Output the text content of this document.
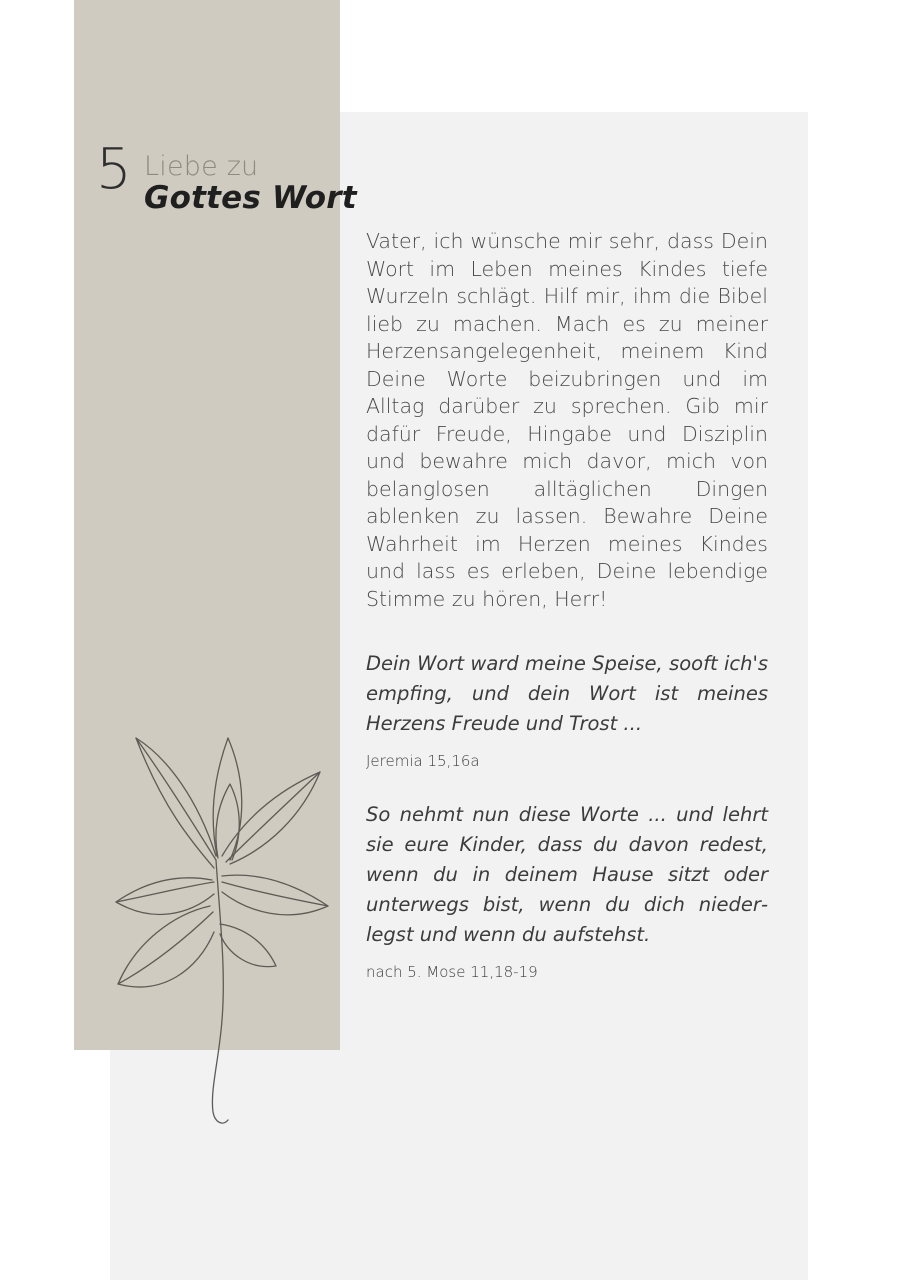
5 Liebe zu
Gottes Wort

Vater, ich wünsche mir sehr, dass Dein Wort im Leben meines Kindes tiefe Wurzeln schlägt. Hilf mir, ihm die Bibel lieb zu machen. Mach es zu meiner Herzensangelegenheit, meinem Kind Deine Worte beizubringen und im Alltag darüber zu sprechen. Gib mir dafür Freude, Hingabe und Disziplin und bewahre mich davor, mich von belanglosen alltäglichen Dingen ablenken zu lassen. Bewahre Deine Wahrheit im Herzen meines Kindes und lass es erleben, Deine lebendige Stimme zu hören, Herr!

Dein Wort ward meine Speise, sooft ich's empfing, und dein Wort ist meines Herzens Freude und Trost ...

Jeremia 15,16a

So nehmt nun diese Worte ... und lehrt sie eure Kinder, dass du davon redest, wenn du in deinem Hause sitzt oder unterwegs bist, wenn du dich niederlegst und wenn du aufstehst.

nach 5. Mose 11,18-19
